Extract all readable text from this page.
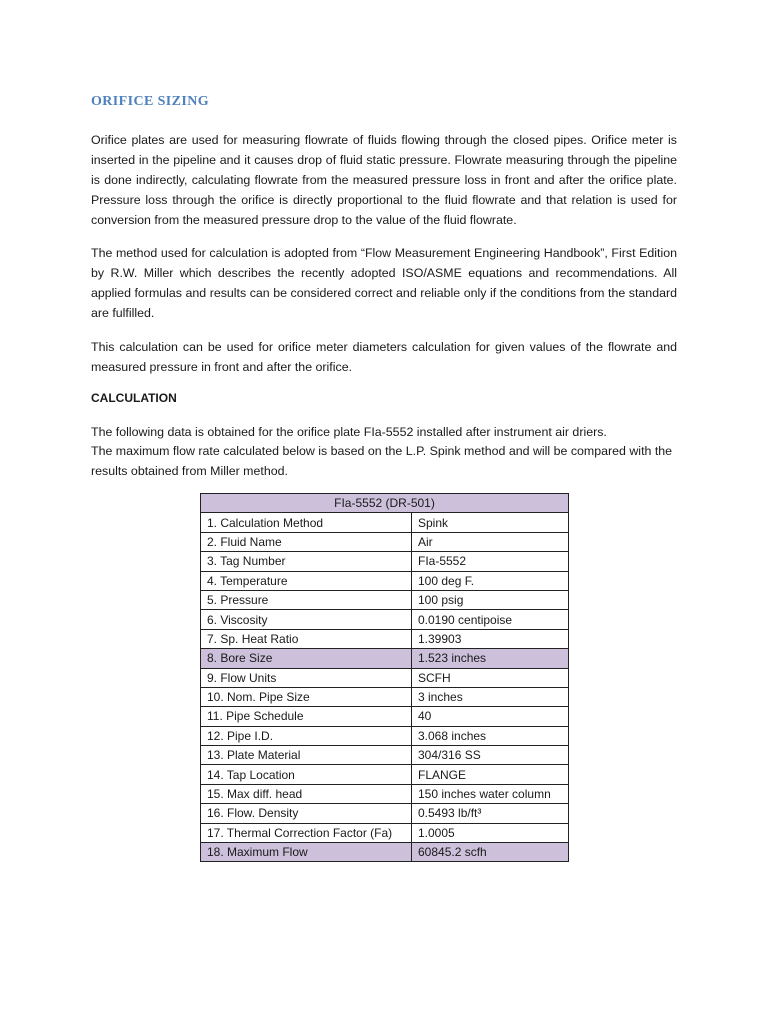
ORIFICE SIZING

Orifice plates are used for measuring flowrate of fluids flowing through the closed pipes. Orifice meter is inserted in the pipeline and it causes drop of fluid static pressure. Flowrate measuring through the pipeline is done indirectly, calculating flowrate from the measured pressure loss in front and after the orifice plate. Pressure loss through the orifice is directly proportional to the fluid flowrate and that relation is used for conversion from the measured pressure drop to the value of the fluid flowrate.

The method used for calculation is adopted from “Flow Measurement Engineering Handbook”, First Edition by R.W. Miller which describes the recently adopted ISO/ASME equations and recommendations. All applied formulas and results can be considered correct and reliable only if the conditions from the standard are fulfilled.

This calculation can be used for orifice meter diameters calculation for given values of the flowrate and measured pressure in front and after the orifice.

CALCULATION
The following data is obtained for the orifice plate FIa-5552 installed after instrument air driers.
The maximum flow rate calculated below is based on the L.P. Spink method and will be compared with the results obtained from Miller method.
FIa-5552 (DR-501)	
1. Calculation Method	Spink
2. Fluid Name	Air
3. Tag Number	FIa-5552
4. Temperature	100 deg F.
5. Pressure	100 psig
6. Viscosity	0.0190 centipoise
7. Sp. Heat Ratio	1.39903
8. Bore Size	1.523 inches
9. Flow Units	SCFH
10. Nom. Pipe Size	3 inches
11. Pipe Schedule	40
12. Pipe I.D.	3.068 inches
13. Plate Material	304/316 SS
14. Tap Location	FLANGE
15. Max diff. head	150 inches water column
16. Flow. Density	0.5493 lb/ft³
17. Thermal Correction Factor (Fa)	1.0005
18. Maximum Flow	60845.2 scfh
